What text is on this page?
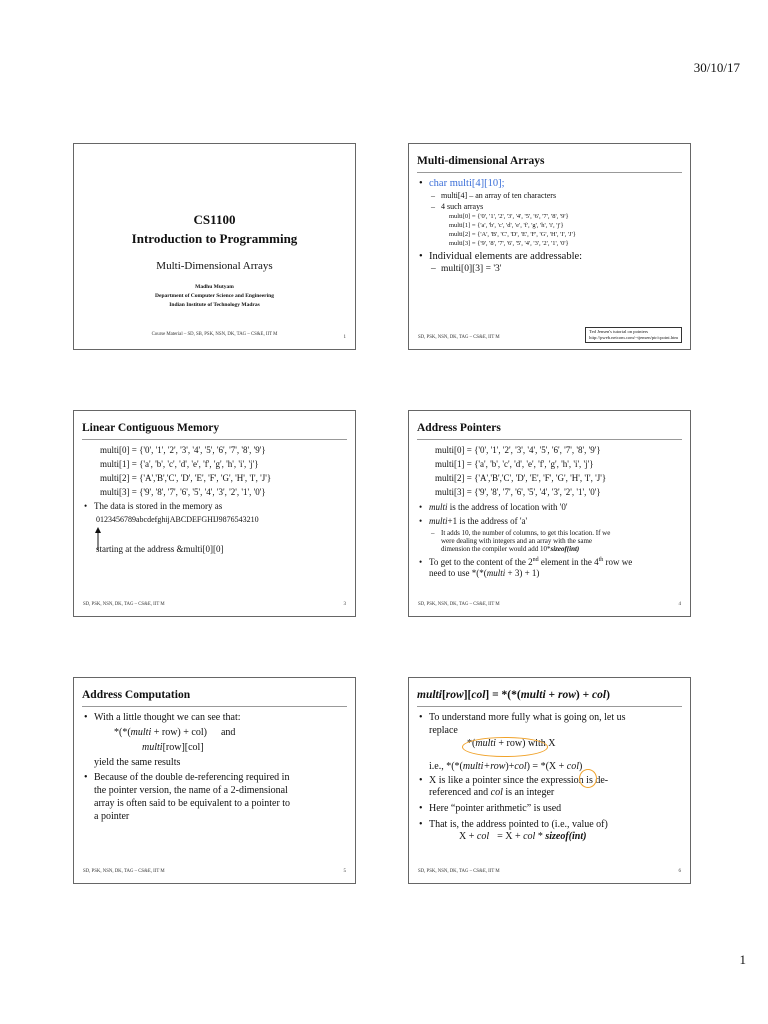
30/10/17
CS1100
Introduction to Programming
Multi-Dimensional Arrays
Madhu Mutyam
Department of Computer Science and Engineering
Indian Institute of Technology Madras
Course Material – SD, SB, PSK, NSN, DK, TAG – CS&E, IIT M
1
Multi-dimensional Arrays
• char multi[4][10];
– multi[4] – an array of ten characters
– 4 such arrays
multi[0] = {'0', '1', '2', '3', '4', '5', '6', '7', '8', '9'}
multi[1] = {'a', 'b', 'c', 'd', 'e', 'f', 'g', 'h', 'i', 'j'}
multi[2] = {'A', 'B', 'C', 'D', 'E', 'F', 'G', 'H', 'I', 'J'}
multi[3] = {'9', '8', '7', '6', '5', '4', '3', '2', '1', '0'}
• Individual elements are addressable:
– multi[0][3] = '3'
Ted Jensen's tutorial on pointers
http://pweb.netcom.com/~tjensen/ptr/cpoint.htm
SD, PSK, NSN, DK, TAG – CS&E, IIT M
Linear Contiguous Memory
multi[0] = {'0', '1', '2', '3', '4', '5', '6', '7', '8', '9'}
multi[1] = {'a', 'b', 'c', 'd', 'e', 'f', 'g', 'h', 'i', 'j'}
multi[2] = {'A','B','C', 'D', 'E', 'F', 'G', 'H', 'I', 'J'}
multi[3] = {'9', '8', '7', '6', '5', '4', '3', '2', '1', '0'}
• The data is stored in the memory as
0123456789abcdefghijABCDEFGHIJ9876543210
starting at the address &multi[0][0]
SD, PSK, NSN, DK, TAG – CS&E, IIT M	3
Address Pointers
multi[0] = {'0', '1', '2', '3', '4', '5', '6', '7', '8', '9'}
multi[1] = {'a', 'b', 'c', 'd', 'e', 'f', 'g', 'h', 'i', 'j'}
multi[2] = {'A','B','C', 'D', 'E', 'F', 'G', 'H', 'I', 'J'}
multi[3] = {'9', '8', '7', '6', '5', '4', '3', '2', '1', '0'}
• multi is the address of location with '0'
• multi+1 is the address of 'a'
– It adds 10, the number of columns, to get this location. If we
were dealing with integers and an array with the same
dimension the compiler would add 10*sizeof(int)
• To get to the content of the 2nd element in the 4th row we
need to use *(*(multi + 3) + 1)
SD, PSK, NSN, DK, TAG – CS&E, IIT M	4
Address Computation
• With a little thought we can see that:
*(*(multi + row) + col) and
multi[row][col]
yield the same results
• Because of the double de-referencing required in
the pointer version, the name of a 2-dimensional
array is often said to be equivalent to a pointer to
a pointer
SD, PSK, NSN, DK, TAG – CS&E, IIT M	5
multi[row][col] = *(*(multi + row) + col)
• To understand more fully what is going on, let us
replace
*(multi + row) with X
i.e., *(*(multi+row)+col) = *(X + col)
• X is like a pointer since the expression is de-
referenced and col is an integer
• Here “pointer arithmetic” is used
• That is, the address pointed to (i.e., value of)
X + col = X + col * sizeof(int)
SD, PSK, NSN, DK, TAG – CS&E, IIT M	6
1
